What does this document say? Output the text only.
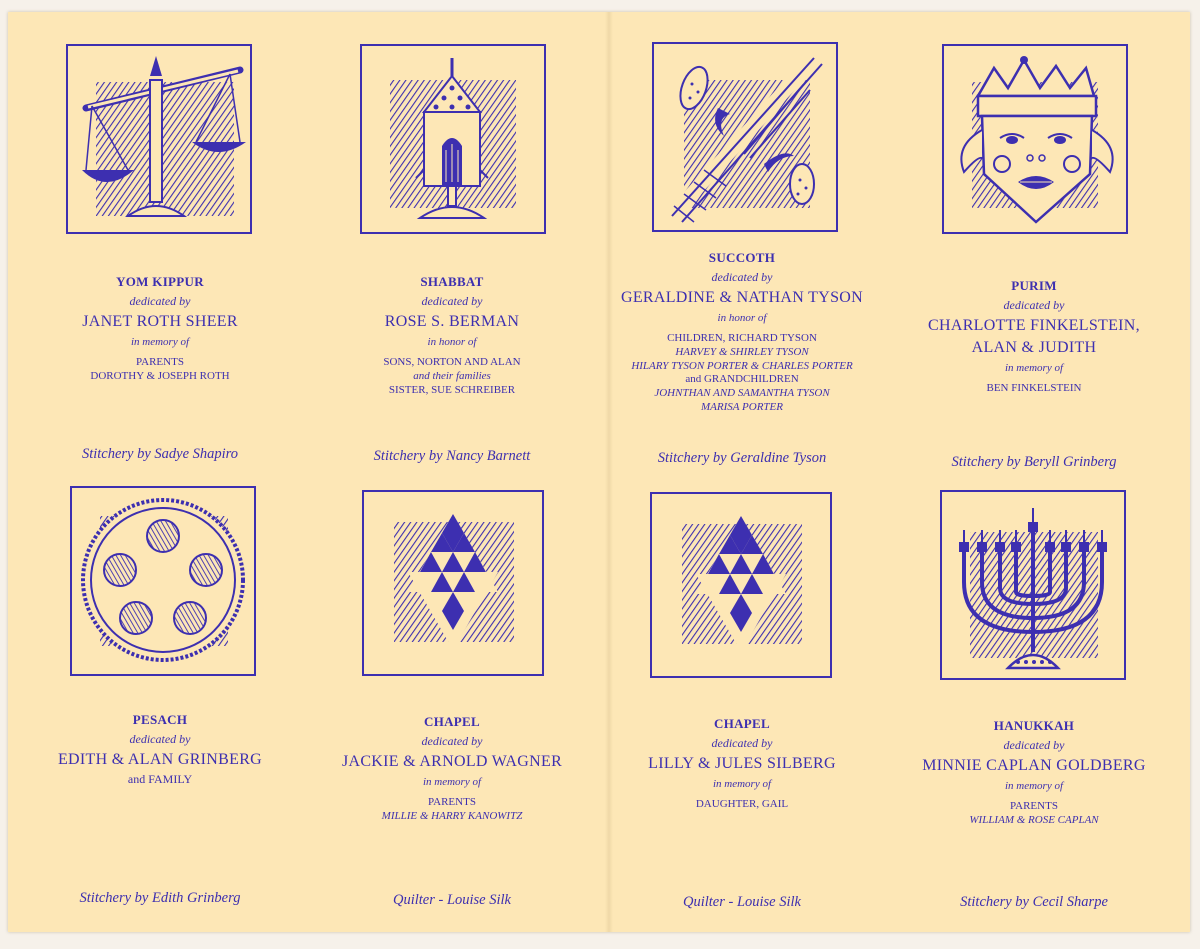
YOM KIPPUR
dedicated by
JANET ROTH SHEER
in memory of
PARENTS
DOROTHY & JOSEPH ROTH
Stitchery by Sadye Shapiro
SHABBAT
dedicated by
ROSE S. BERMAN
in honor of
SONS, NORTON AND ALAN
and their families
SISTER, SUE SCHREIBER
Stitchery by Nancy Barnett
SUCCOTH
dedicated by
GERALDINE & NATHAN TYSON
in honor of
CHILDREN, RICHARD TYSON
HARVEY & SHIRLEY TYSON
HILARY TYSON PORTER & CHARLES PORTER
and GRANDCHILDREN
JOHNTHAN AND SAMANTHA TYSON
MARISA PORTER
Stitchery by Geraldine Tyson
PURIM
dedicated by
CHARLOTTE FINKELSTEIN,
ALAN & JUDITH
in memory of
BEN FINKELSTEIN
Stitchery by Beryll Grinberg
PESACH
dedicated by
EDITH & ALAN GRINBERG
and FAMILY
Stitchery by Edith Grinberg
CHAPEL
dedicated by
JACKIE & ARNOLD WAGNER
in memory of
PARENTS
MILLIE & HARRY KANOWITZ
Quilter - Louise Silk
CHAPEL
dedicated by
LILLY & JULES SILBERG
in memory of
DAUGHTER, GAIL
Quilter - Louise Silk
HANUKKAH
dedicated by
MINNIE CAPLAN GOLDBERG
in memory of
PARENTS
WILLIAM & ROSE CAPLAN
Stitchery by Cecil Sharpe
